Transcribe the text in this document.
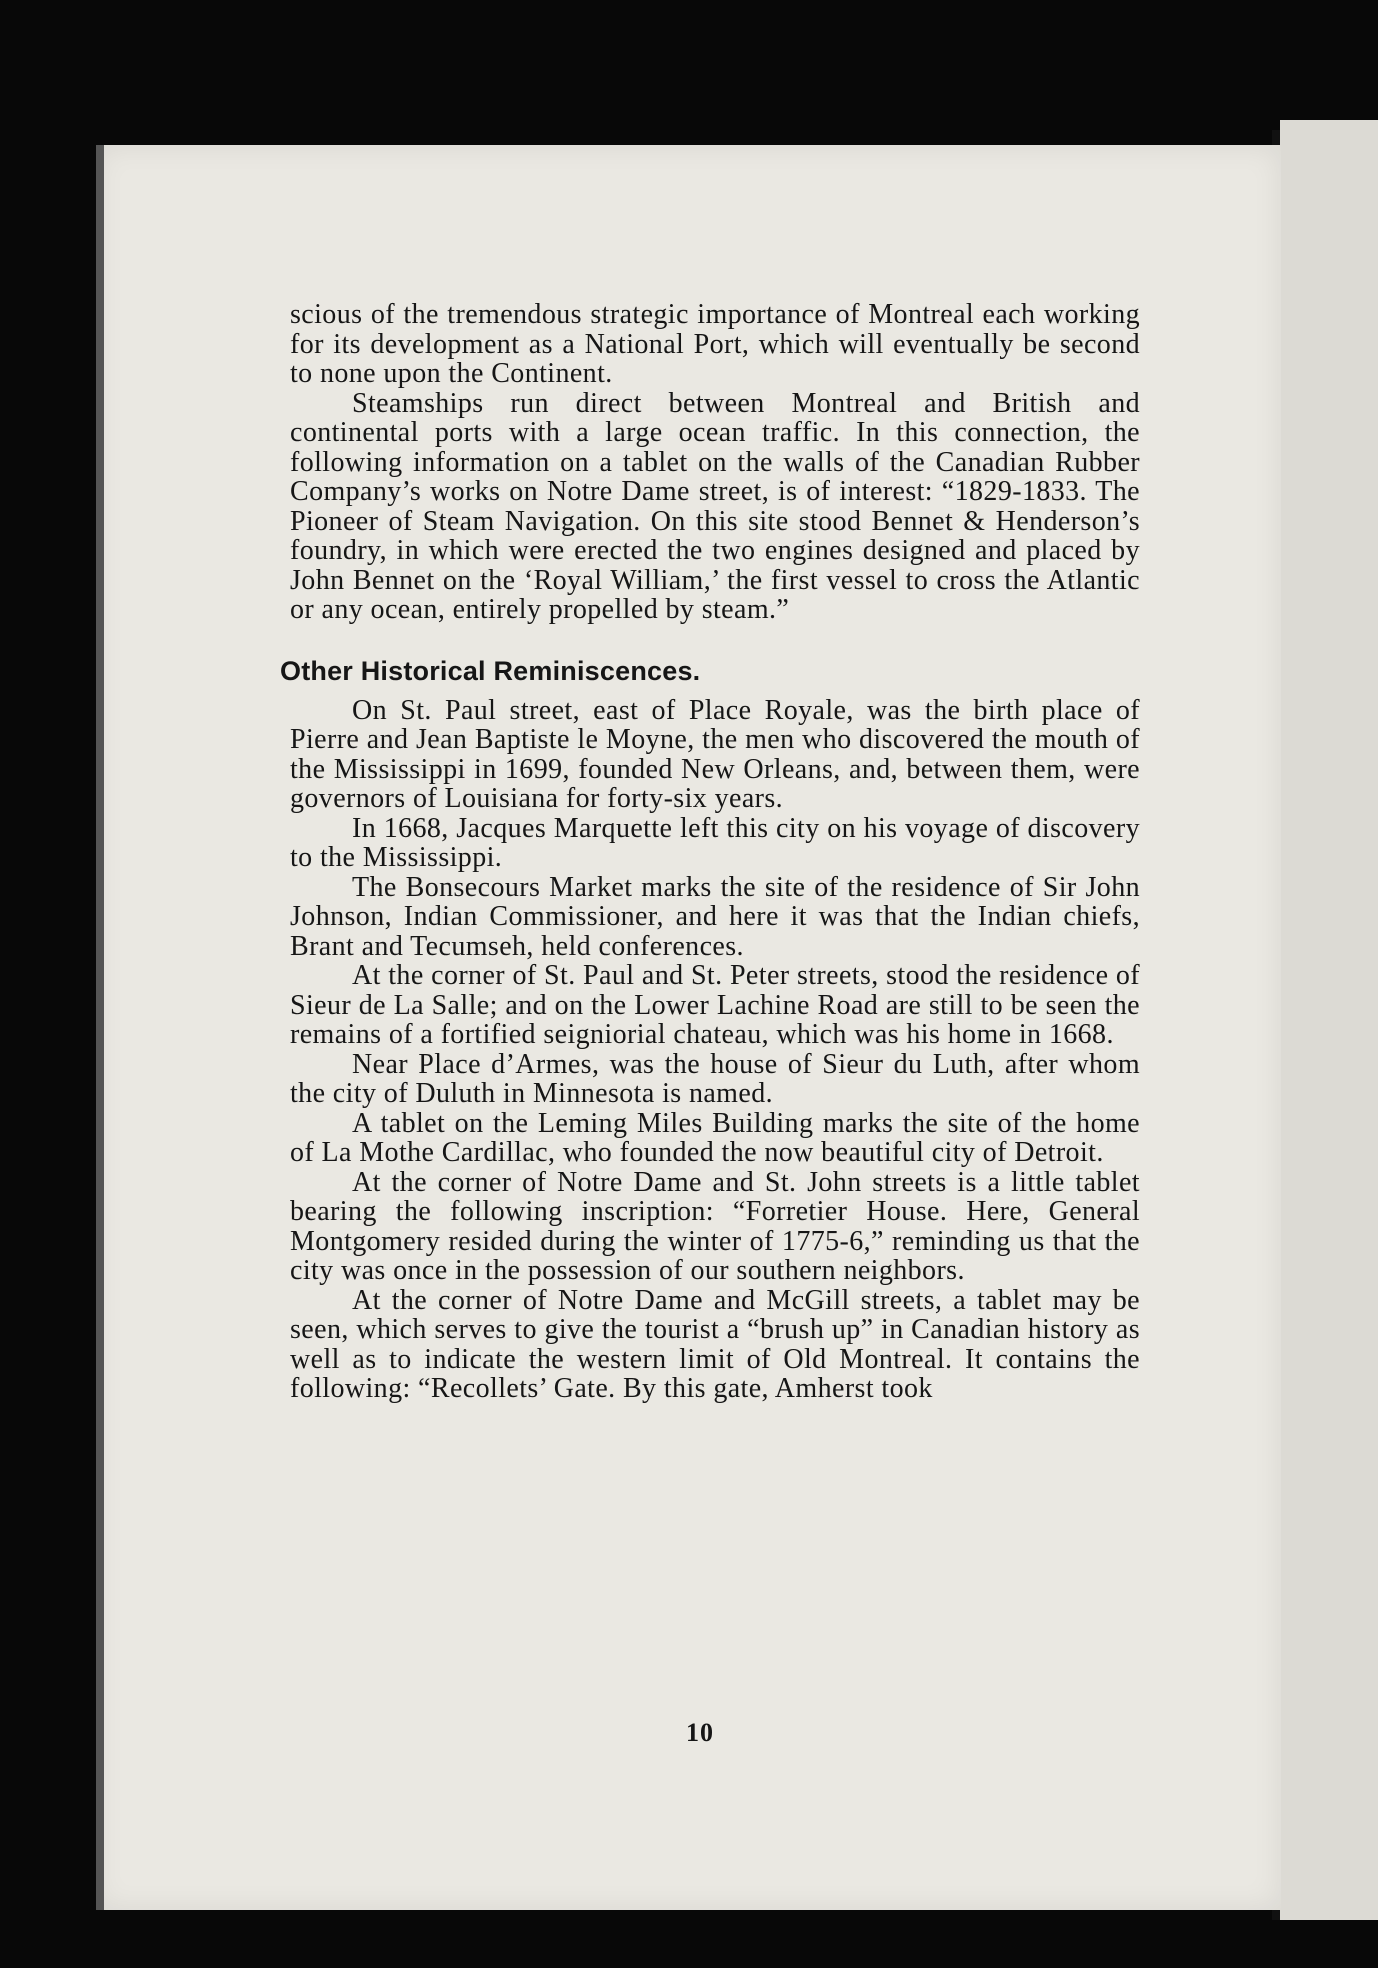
scious of the tremendous strategic importance of Montreal each working for its development as a National Port, which will eventually be second to none upon the Continent.

Steamships run direct between Montreal and British and continental ports with a large ocean traffic. In this connection, the following information on a tablet on the walls of the Canadian Rubber Company’s works on Notre Dame street, is of interest: “1829-1833. The Pioneer of Steam Navigation. On this site stood Bennet & Henderson’s foundry, in which were erected the two engines designed and placed by John Bennet on the ‘Royal William,’ the first vessel to cross the Atlantic or any ocean, entirely propelled by steam.”

Other Historical Reminiscences.

On St. Paul street, east of Place Royale, was the birth place of Pierre and Jean Baptiste le Moyne, the men who discovered the mouth of the Mississippi in 1699, founded New Orleans, and, between them, were governors of Louisiana for forty-six years.

In 1668, Jacques Marquette left this city on his voyage of discovery to the Mississippi.

The Bonsecours Market marks the site of the residence of Sir John Johnson, Indian Commissioner, and here it was that the Indian chiefs, Brant and Tecumseh, held conferences.

At the corner of St. Paul and St. Peter streets, stood the residence of Sieur de La Salle; and on the Lower Lachine Road are still to be seen the remains of a fortified seigniorial chateau, which was his home in 1668.

Near Place d’Armes, was the house of Sieur du Luth, after whom the city of Duluth in Minnesota is named.

A tablet on the Leming Miles Building marks the site of the home of La Mothe Cardillac, who founded the now beautiful city of Detroit.

At the corner of Notre Dame and St. John streets is a little tablet bearing the following inscription: “Forretier House. Here, General Montgomery resided during the winter of 1775-6,” reminding us that the city was once in the possession of our southern neighbors.

At the corner of Notre Dame and McGill streets, a tablet may be seen, which serves to give the tourist a “brush up” in Canadian history as well as to indicate the western limit of Old Montreal. It contains the following: “Recollets’ Gate. By this gate, Amherst took

10
